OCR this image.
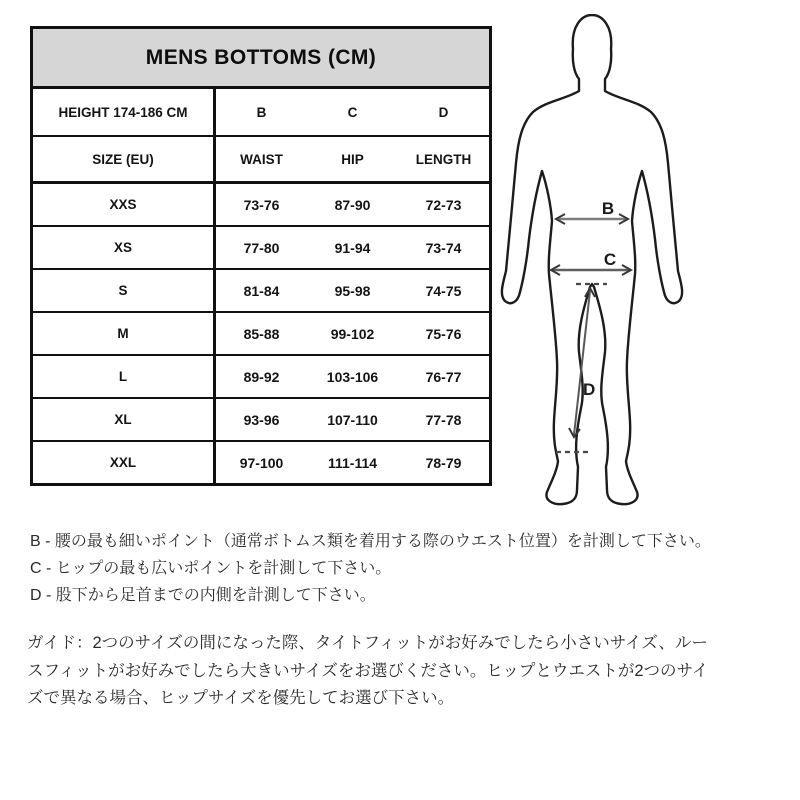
MENS BOTTOMS (CM)
HEIGHT 174-186 CM	B	C	D
SIZE (EU)	WAIST	HIP	LENGTH
XXS	73-76	87-90	72-73
XS	77-80	91-94	73-74
S	81-84	95-98	74-75
M	85-88	99-102	75-76
L	89-92	103-106	76-77
XL	93-96	107-110	77-78
XXL	97-100	111-114	78-79
B
C
D
B - 腰の最も細いポイント（通常ボトムス類を着用する際のウエスト位置）を計測して下さい。
C - ヒップの最も広いポイントを計測して下さい。
D - 股下から足首までの内側を計測して下さい。
ガイド：2つのサイズの間になった際、タイトフィットがお好みでしたら小さいサイズ、ルースフィットがお好みでしたら大きいサイズをお選びください。ヒップとウエストが2つのサイズで異なる場合、ヒップサイズを優先してお選び下さい。
